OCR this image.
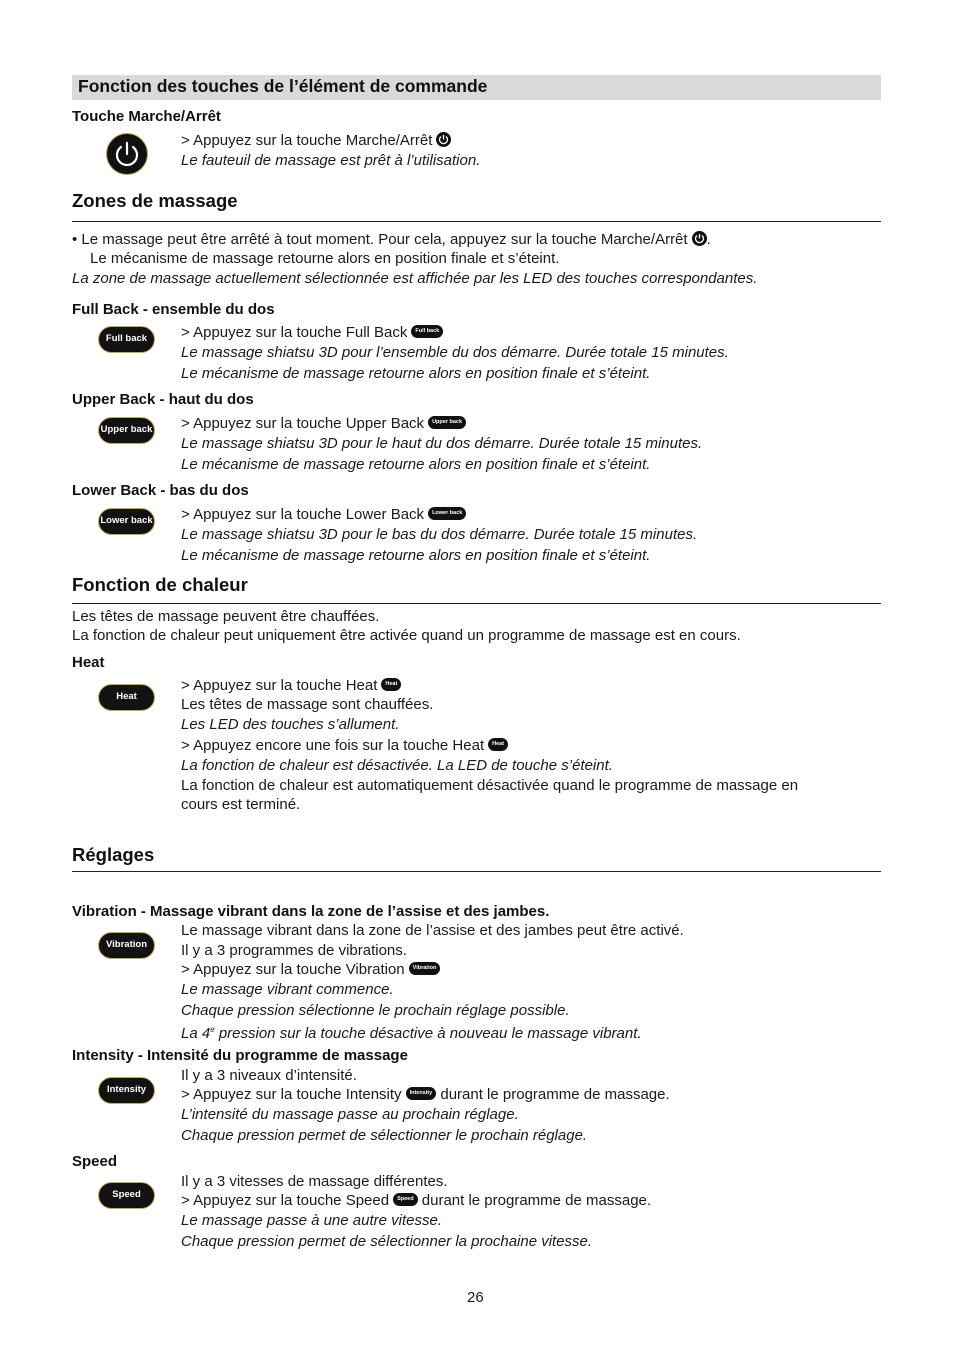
Fonction des touches de l’élément de commande
Touche Marche/Arrêt
> Appuyez sur la touche Marche/Arrêt
Le fauteuil de massage est prêt à l’utilisation.
Zones de massage
• Le massage peut être arrêté à tout moment. Pour cela, appuyez sur la touche Marche/Arrêt .
Le mécanisme de massage retourne alors en position finale et s’éteint.
La zone de massage actuellement sélectionnée est affichée par les LED des touches correspondantes.
Full Back - ensemble du dos
Full back	> Appuyez sur la touche Full Back Full back
Le massage shiatsu 3D pour l’ensemble du dos démarre. Durée totale 15 minutes.
Le mécanisme de massage retourne alors en position finale et s’éteint.
Upper Back - haut du dos
Upper back > Appuyez sur la touche Upper Back Upper back
Le massage shiatsu 3D pour le haut du dos démarre. Durée totale 15 minutes.
Le mécanisme de massage retourne alors en position finale et s’éteint.
Lower Back - bas du dos
Lower back > Appuyez sur la touche Lower Back Lower back
Le massage shiatsu 3D pour le bas du dos démarre. Durée totale 15 minutes.
Le mécanisme de massage retourne alors en position finale et s’éteint.
Fonction de chaleur
Les têtes de massage peuvent être chauffées.
La fonction de chaleur peut uniquement être activée quand un programme de massage est en cours.
Heat
Heat
> Appuyez sur la touche Heat Heat
Les têtes de massage sont chauffées.
Les LED des touches s’allument.
> Appuyez encore une fois sur la touche Heat Heat
La fonction de chaleur est désactivée. La LED de touche s’éteint.
La fonction de chaleur est automatiquement désactivée quand le programme de massage en
cours est terminé.
Réglages
Vibration - Massage vibrant dans la zone de l’assise et des jambes.
Vibration
Le massage vibrant dans la zone de l’assise et des jambes peut être activé.
Il y a 3 programmes de vibrations.
> Appuyez sur la touche Vibration Vibration
Le massage vibrant commence.
Chaque pression sélectionne le prochain réglage possible.
La 4e pression sur la touche désactive à nouveau le massage vibrant.
Intensity - Intensité du programme de massage
Intensity
Il y a 3 niveaux d’intensité.
> Appuyez sur la touche Intensity Intensity durant le programme de massage.
L’intensité du massage passe au prochain réglage.
Chaque pression permet de sélectionner le prochain réglage.
Speed
Speed
Il y a 3 vitesses de massage différentes.
> Appuyez sur la touche Speed Speed durant le programme de massage.
Le massage passe à une autre vitesse.
Chaque pression permet de sélectionner la prochaine vitesse.
26
